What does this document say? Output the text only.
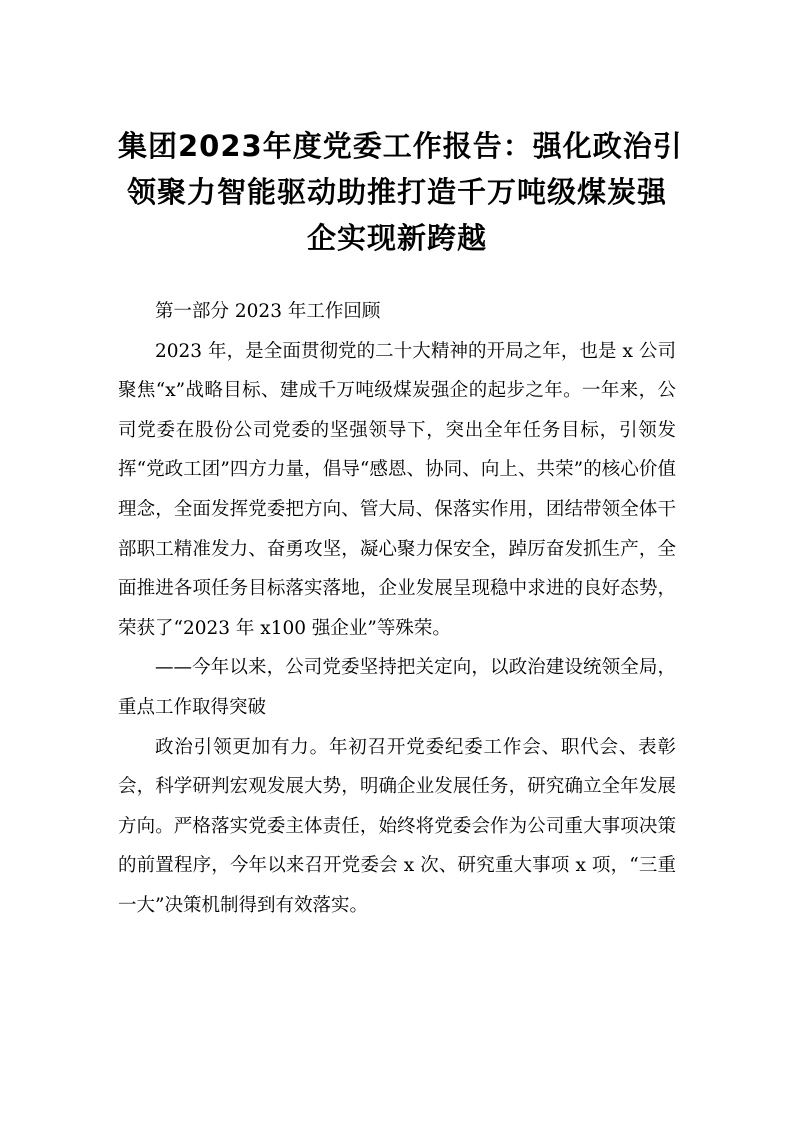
集团2023年度党委工作报告：强化政治引
领聚力智能驱动助推打造千万吨级煤炭强
企实现新跨越

第一部分 2023 年工作回顾

2023 年，是全面贯彻党的二十大精神的开局之年，也是 x 公司聚焦“x”战略目标、建成千万吨级煤炭强企的起步之年。一年来，公司党委在股份公司党委的坚强领导下，突出全年任务目标，引领发挥“党政工团”四方力量，倡导“感恩、协同、向上、共荣”的核心价值理念，全面发挥党委把方向、管大局、保落实作用，团结带领全体干部职工精准发力、奋勇攻坚，凝心聚力保安全，踔厉奋发抓生产，全面推进各项任务目标落实落地，企业发展呈现稳中求进的良好态势，荣获了“2023 年 x100 强企业”等殊荣。

——今年以来，公司党委坚持把关定向，以政治建设统领全局，重点工作取得突破

政治引领更加有力。年初召开党委纪委工作会、职代会、表彰会，科学研判宏观发展大势，明确企业发展任务，研究确立全年发展方向。严格落实党委主体责任，始终将党委会作为公司重大事项决策的前置程序，今年以来召开党委会 x 次、研究重大事项 x 项，“三重一大”决策机制得到有效落实。
